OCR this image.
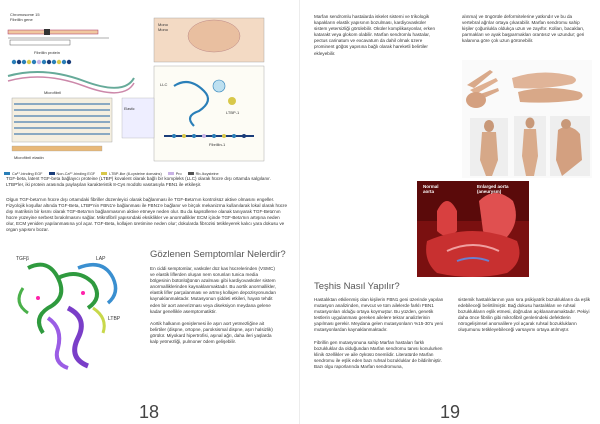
Chromosome 15
Fibrillin gene
Fibrillin protein
Microfibril
Mono
Mono
LLC
LTBP-1
Fibrillin-1
Elastic
Microfibril elastin
Ca²⁺-binding EGF	Non-Ca²⁺-binding EGF	LTBP-like (8-cysteine domains)	Pro	Rb-Ikcysteine
TGF-beta, latent TGF-beta bağlayıcı proteine (LTBP) kovalent olarak bağlı bir kompleks (LLC) olarak hücre dışı ortamda salgılanır. LTBP'ler, iki protein arasında paylaşılan karakteristik 8-Cys modülü vasıtasıyla FBN1 ile etkileşir.
Olgun TGF-beta'nın hücre dışı ortamdaki fibriller düzenleyici olarak bağlanması ile TGF-Beta'nın kontrolsüz aktive olmasını engeller. Fizyolojik koşullar altında TGF-Beta, LTBP'nin FBN1'e bağlanması ile FBN1'e bağlanır ve birçok mekanizma kullanılarak lokal olarak hücre dışı matriksin bir kısmı olarak TGF-Beta'nın bağlanmasının aktive etmeye neden olur. Bu da kapsülleme olanak tanıyarak TGF-Beta'nın hücre yüzeyine serbest bırakılmasını sağlar. Mikrofibril yapısındaki eksiklikler ve anormallikler ECM içinde TGF-Beta'nın artışına neden olur, ECM yeniden yapılanmasına yol açar. TGF-Beta, kollajen üretimine neden olur; dokularda fibrozisi tetikleyerek kalıcı yara dokusu ve organ yapısını bozar.
TGFβ	LAP
LTBP
Gözlenen Semptomlar Nelerdir?
En ciddi semptomlar, vasküler düz kas hücrelerinden (VSMC) ve elastik liflerden oluşan nem sorunları tunica media bölgesinin bütünlüğünün azalması gibi kardiyovasküler sistem anormalliklerinden kaynaklanmaktadır. Bu aortik anormallikler, elastik lifler parçalanması ve artmış kollajen depozisyonundan kaynaklanmaktadır. Mutasyonun şiddeti etkileri, hayatı tehdit eden bir aort anevrizması veya diseksiyon meydana gelene kadar genellikle asemptomatiktir.

Aortik halkanın genişlemesi ile aşırı aort yetmezliğine ait belirtiler (dispne, ortopne, paroksismal dispne, aşırı halsizlik) görülür. Miyokard hipertrofisi, aşınal ağrı, daha ileri yaşlarda kalp yetmezliği, pulmoner ödem gelişebilir.
18
Marfan sendromlu hastalarda iskelet sistemi ve trikologik kapakların elastik yapısının bozulması, kardiyovasküler sistem yetersizliği görülebilir. Oküler komplikasyonlar, erken katarakt veya glokom olabilir. Marfan sendromlu hastalar, pectus carinatum ve excavatum da dahil olmak üzere prominent göğüs yapısına bağlı olarak hareketli belirtiler ekleyebilir.
alınma) ve öngörüle deformitelerine yatkındır ve bu da vertebral ağrılar ortaya çıkarabilir. Marfan sendromu sahip kişiler çoğunlukla oldukça uzun ve zayıftır. Kolları, bacakları, parmakları ve ayak başparmakları orantısız ve uzundur; geri kalanına göre çok uzun görünebilir.
Normal
aorta
Enlarged aorta
(aneurysm)
Teşhis Nasıl Yapılır?
Hastalıktan etkilenmiş olan kişilerin FBN1 geni üzerinde yapılan mutasyon analizinden, mevcut ve tüm ailelerde farklı FBN1 mutasyonları olduğu ortaya koymuştur. Bu yüzden, genetik testlerin uygulanması gereken ailelere tekrar analizlerinin yapılması gerekir. Meydana gelen mutasyonların %15-30'u yeni mutasyonlardan kaynaklanmaktadır.

Fibrillin gen mutasyonuna sahip Marfan hastaları farklı bozukluklar da olduğundan Marfan sendromu tanısı konulurken klinik özellikler ve aile öyküsü önemlidir. Literatürde Marfan sendromu ile eşlik eden bazı ruhsal bozukluklar de bildirilmiştir. Bazı olgu raporlarında Marfan sendromuna,
sistemik hastalıklarının yanı sıra psikiyatrik bozuklukların da eşlik edebileceği belirtilmiştir. Bağ dokusu hastalıkları ve ruhsal bozuklukların eşlik etmesi, doğrudan açıklanamamaktadır. Pekiyi daha önce fibrilin gibi mikrofibril genlerindeki defektlerin nörogelişimsel anomalilere yol açarak ruhsal bozuklukların oluşumunu tetikleyebileceği varsayımı ortaya atılmıştır.
19
